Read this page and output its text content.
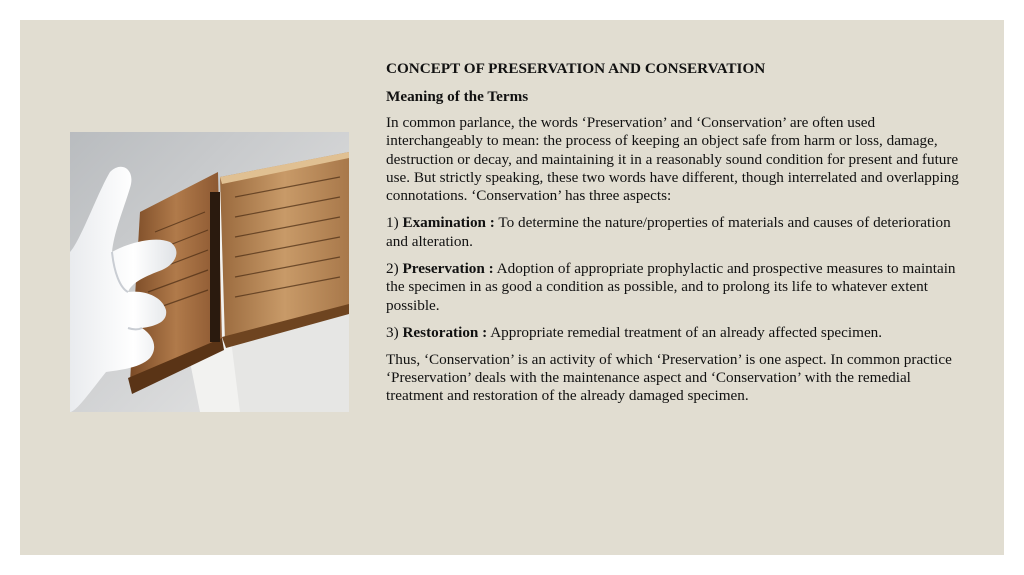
CONCEPT OF PRESERVATION AND CONSERVATION

Meaning of the Terms

In common parlance, the words ‘Preservation’ and ‘Conservation’ are often used interchangeably to mean: the process of keeping an object safe from harm or loss, damage, destruction or decay, and maintaining it in a reasonably sound condition for present and future use. But strictly speaking, these two words have different, though interrelated and overlapping connotations. ‘Conservation’ has three aspects:

1) Examination : To determine the nature/properties of materials and causes of deterioration and alteration.

2) Preservation : Adoption of appropriate prophylactic and prospective measures to maintain the specimen in as good a condition as possible, and to prolong its life to whatever extent possible.

3) Restoration : Appropriate remedial treatment of an already affected specimen.

Thus, ‘Conservation’ is an activity of which ‘Preservation’ is one aspect. In common practice ‘Preservation’ deals with the maintenance aspect and ‘Conservation’ with the remedial treatment and restoration of the already damaged specimen.
